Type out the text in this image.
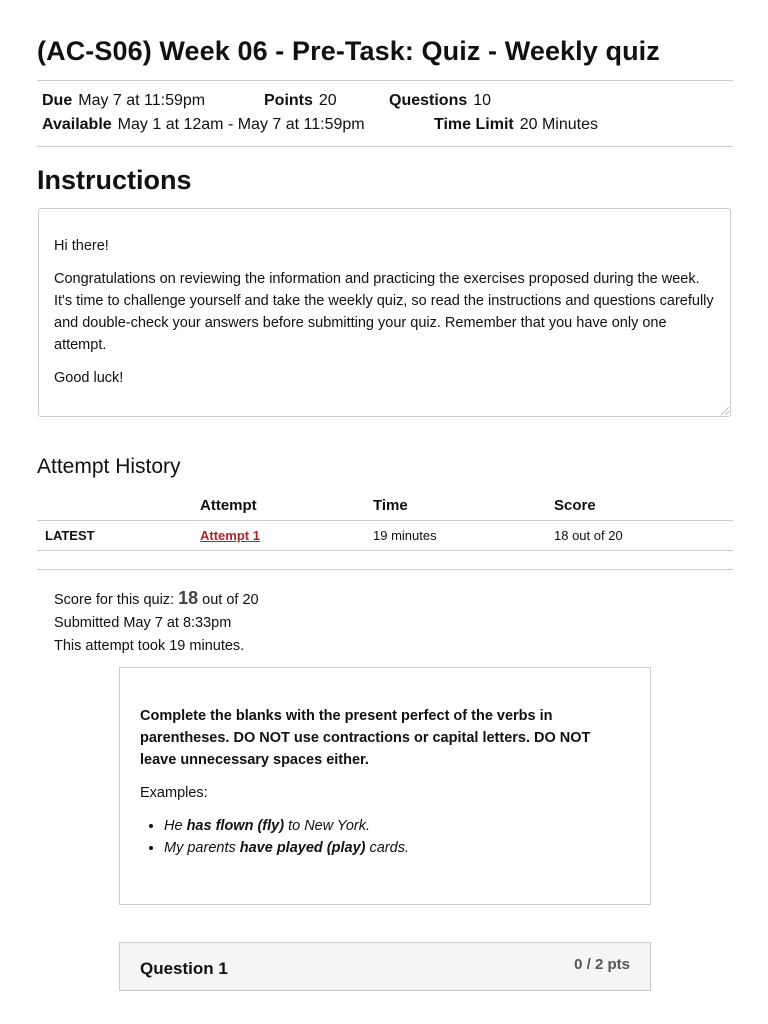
(AC-S06) Week 06 - Pre-Task: Quiz - Weekly quiz
Due May 7 at 11:59pm	Points 20	Questions 10
Available May 1 at 12am - May 7 at 11:59pm	Time Limit 20 Minutes
Instructions

Hi there!

Congratulations on reviewing the information and practicing the exercises proposed during the week. It's time to challenge yourself and take the weekly quiz, so read the instructions and questions carefully and double-check your answers before submitting your quiz. Remember that you have only one attempt.

Good luck!

Attempt History
	Attempt	Time	Score
LATEST	Attempt 1	19 minutes	18 out of 20
Score for this quiz: 18 out of 20
Submitted May 7 at 8:33pm
This attempt took 19 minutes.

Complete the blanks with the present perfect of the verbs in parentheses. DO NOT use contractions or capital letters. DO NOT leave unnecessary spaces either.

Examples:

• He has flown (fly) to New York.
• My parents have played (play) cards.
Question 1	0 / 2 pts
